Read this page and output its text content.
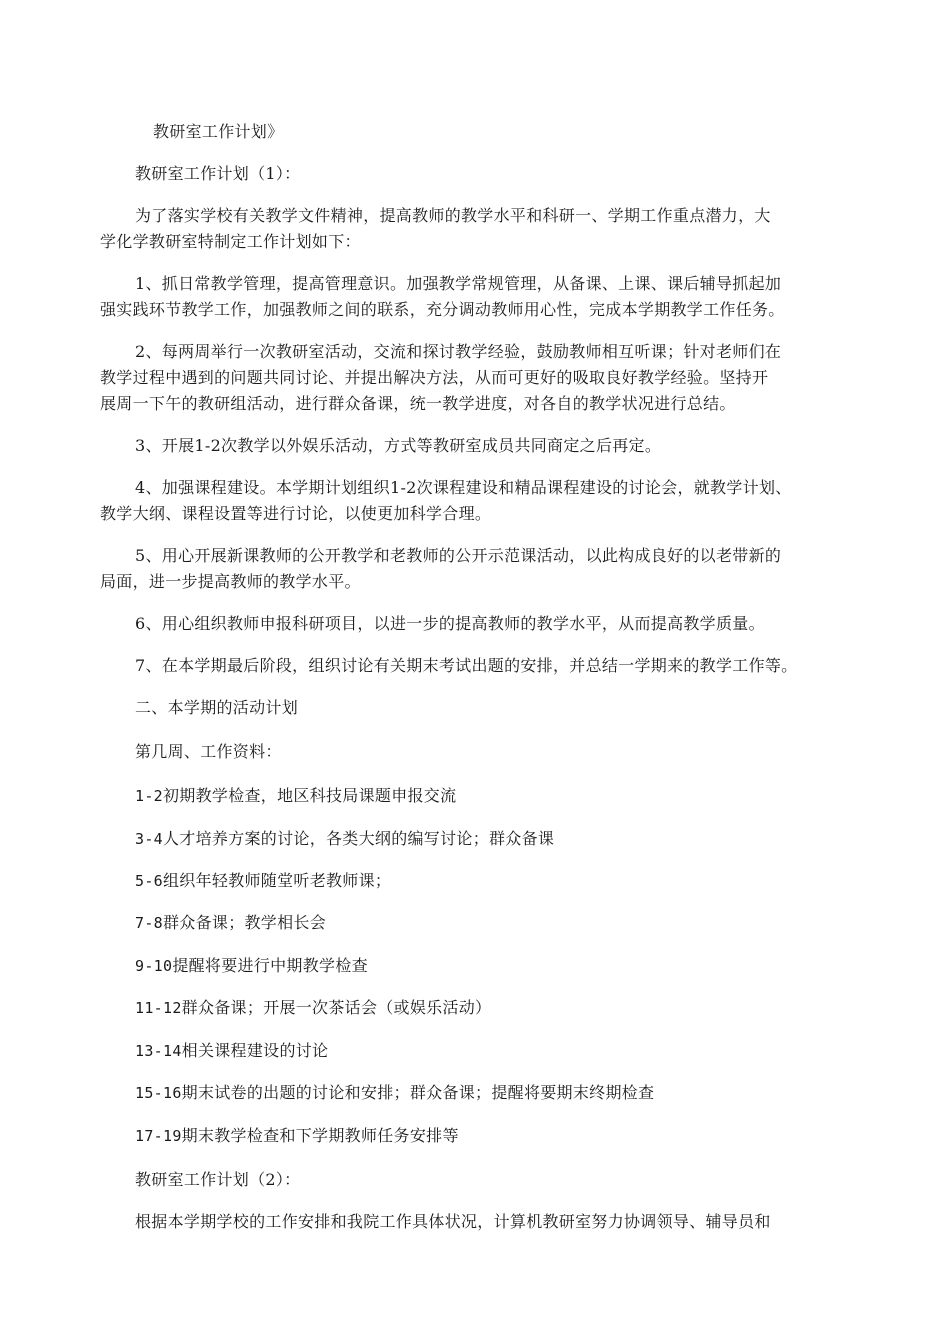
教研室工作计划》
教研室工作计划（1）：
为了落实学校有关教学文件精神，提高教师的教学水平和科研一、学期工作重点潜力，大
学化学教研室特制定工作计划如下：
1、抓日常教学管理，提高管理意识。加强教学常规管理，从备课、上课、课后辅导抓起加
强实践环节教学工作，加强教师之间的联系，充分调动教师用心性，完成本学期教学工作任务。
2、每两周举行一次教研室活动，交流和探讨教学经验，鼓励教师相互听课；针对老师们在
教学过程中遇到的问题共同讨论、并提出解决方法，从而可更好的吸取良好教学经验。坚持开
展周一下午的教研组活动，进行群众备课，统一教学进度，对各自的教学状况进行总结。
3、开展1-2次教学以外娱乐活动，方式等教研室成员共同商定之后再定。
4、加强课程建设。本学期计划组织1-2次课程建设和精品课程建设的讨论会，就教学计划、
教学大纲、课程设置等进行讨论，以使更加科学合理。
5、用心开展新课教师的公开教学和老教师的公开示范课活动，以此构成良好的以老带新的
局面，进一步提高教师的教学水平。
6、用心组织教师申报科研项目，以进一步的提高教师的教学水平，从而提高教学质量。
7、在本学期最后阶段，组织讨论有关期末考试出题的安排，并总结一学期来的教学工作等。
二、本学期的活动计划
第几周、工作资料：
1-2初期教学检查，地区科技局课题申报交流
3-4人才培养方案的讨论，各类大纲的编写讨论；群众备课
5-6组织年轻教师随堂听老教师课；
7-8群众备课；教学相长会
9-10提醒将要进行中期教学检查
11-12群众备课；开展一次茶话会（或娱乐活动）
13-14相关课程建设的讨论
15-16期末试卷的出题的讨论和安排；群众备课；提醒将要期末终期检查
17-19期末教学检查和下学期教师任务安排等
教研室工作计划（2）：
根据本学期学校的工作安排和我院工作具体状况，计算机教研室努力协调领导、辅导员和
